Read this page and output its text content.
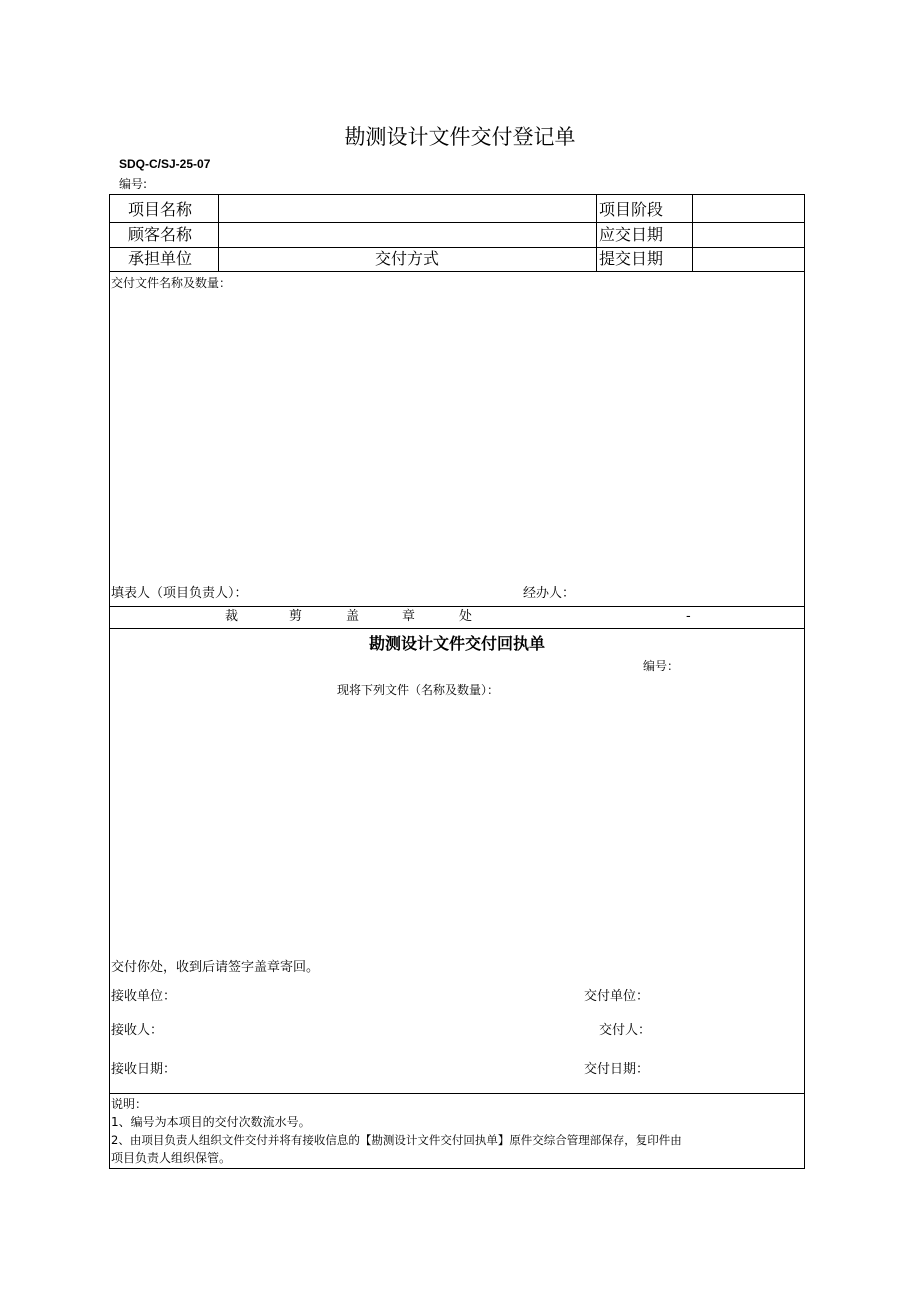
勘测设计文件交付登记单
SDQ-C/SJ-25-07
编号:
项目名称	项目阶段
顾客名称	应交日期
承担单位	交付方式	提交日期
交付文件名称及数量：
填表人（项目负责人）：	经办人：
裁	剪	盖	章	处	-
勘测设计文件交付回执单
编号：
现将下列文件（名称及数量）：
交付你处，收到后请签字盖章寄回。
接收单位：	交付单位：
接收人：	交付人：
接收日期：	交付日期：
说明：
1、编号为本项目的交付次数流水号。
2、由项目负责人组织文件交付并将有接收信息的【勘测设计文件交付回执单】原件交综合管理部保存，复印件由
项目负责人组织保管。
